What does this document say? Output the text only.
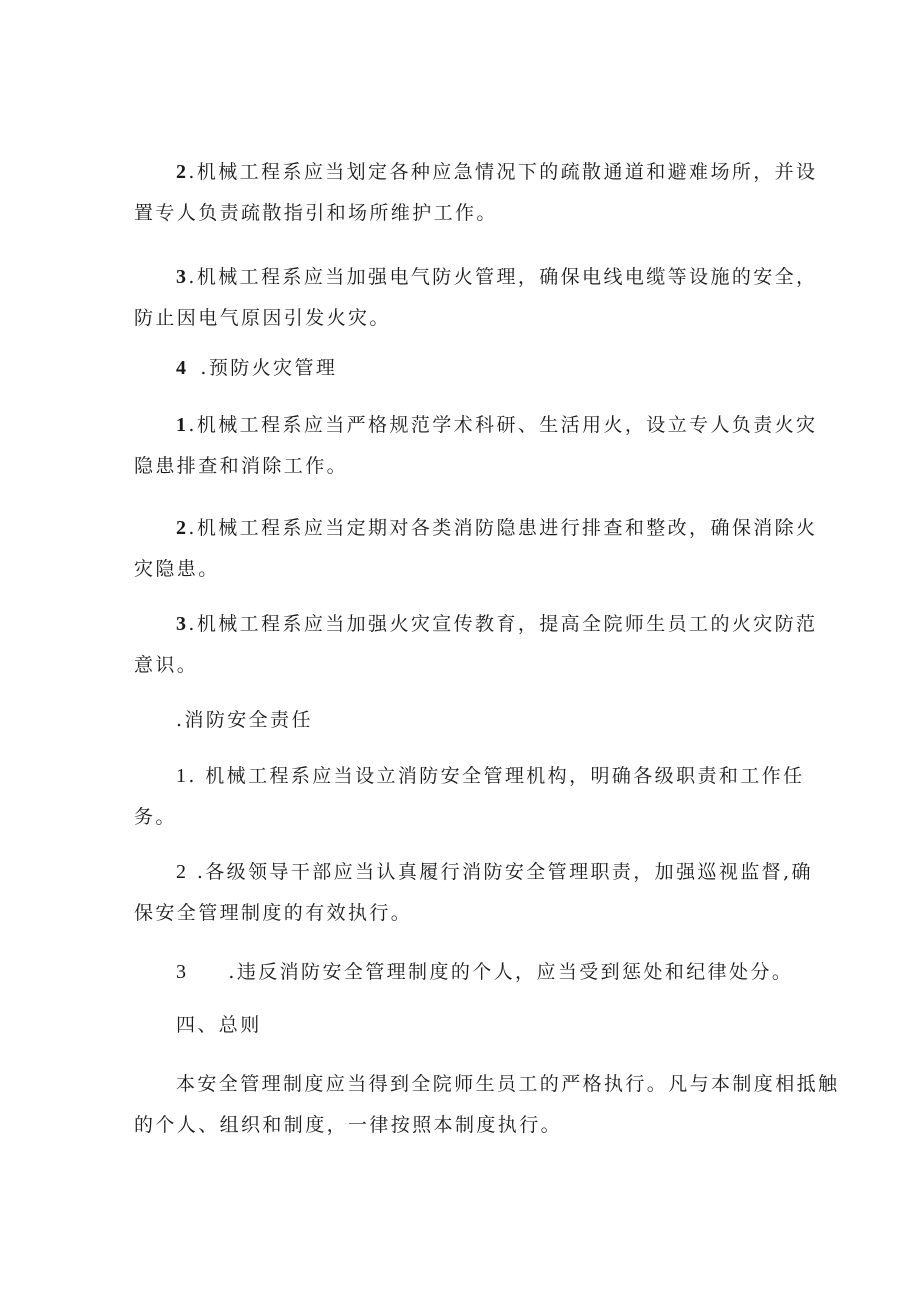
2.机械工程系应当划定各种应急情况下的疏散通道和避难场所，并设
置专人负责疏散指引和场所维护工作。
3.机械工程系应当加强电气防火管理，确保电线电缆等设施的安全，
防止因电气原因引发火灾。
4 .预防火灾管理
1.机械工程系应当严格规范学术科研、生活用火，设立专人负责火灾
隐患排查和消除工作。
2.机械工程系应当定期对各类消防隐患进行排查和整改，确保消除火
灾隐患。
3.机械工程系应当加强火灾宣传教育，提高全院师生员工的火灾防范
意识。
.消防安全责任
1. 机械工程系应当设立消防安全管理机构，明确各级职责和工作任
务。
2 .各级领导干部应当认真履行消防安全管理职责，加强巡视监督,确
保安全管理制度的有效执行。
3 .违反消防安全管理制度的个人，应当受到惩处和纪律处分。
四、总则
本安全管理制度应当得到全院师生员工的严格执行。凡与本制度相抵触
的个人、组织和制度，一律按照本制度执行。
